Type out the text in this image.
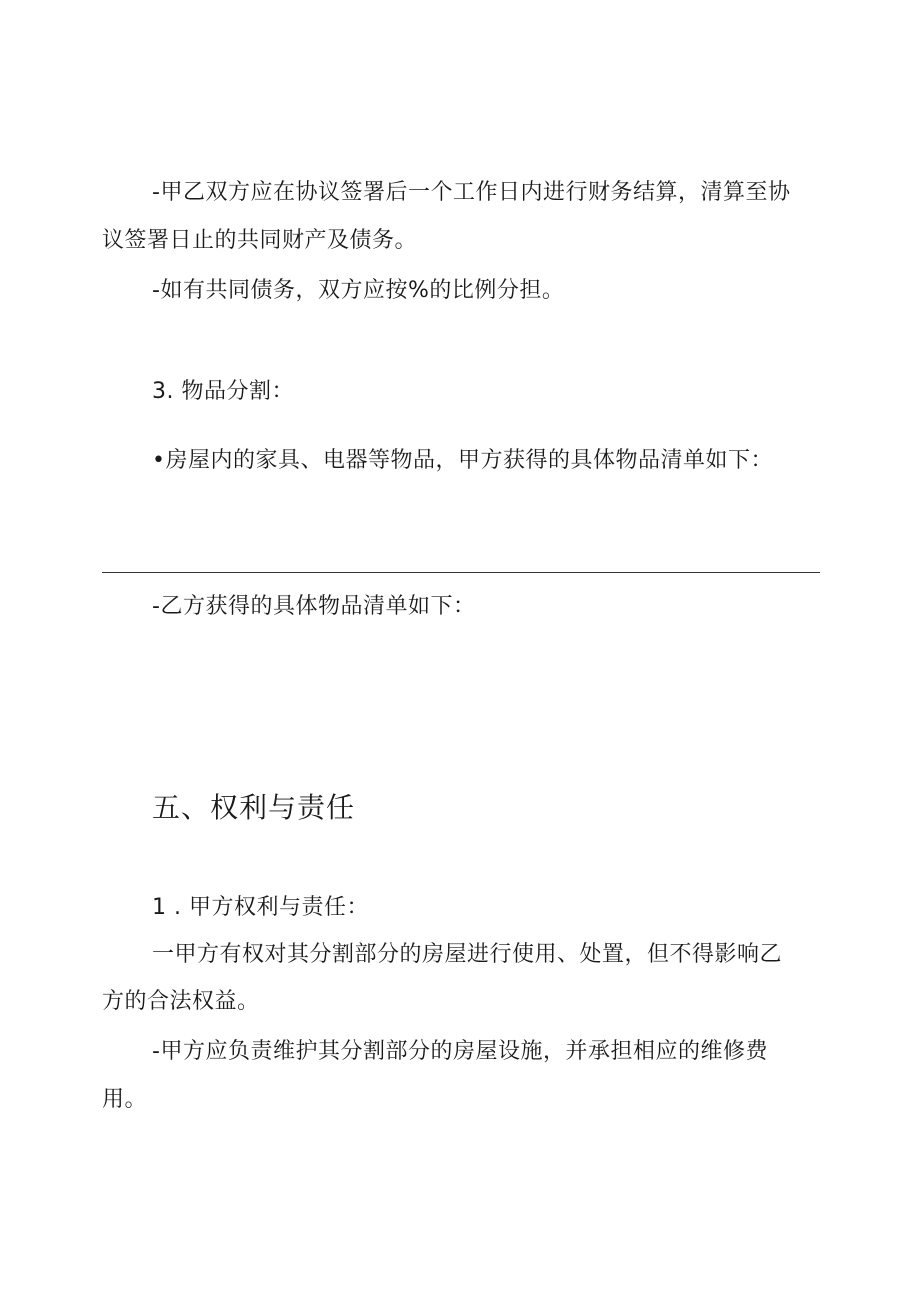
-甲乙双方应在协议签署后一个工作日内进行财务结算，清算至协
议签署日止的共同财产及债务。
-如有共同债务，双方应按%的比例分担。
3. 物品分割：
•房屋内的家具、电器等物品，甲方获得的具体物品清单如下：
-乙方获得的具体物品清单如下：
五、权利与责任
1 . 甲方权利与责任：
一甲方有权对其分割部分的房屋进行使用、处置，但不得影响乙
方的合法权益。
-甲方应负责维护其分割部分的房屋设施，并承担相应的维修费
用。
